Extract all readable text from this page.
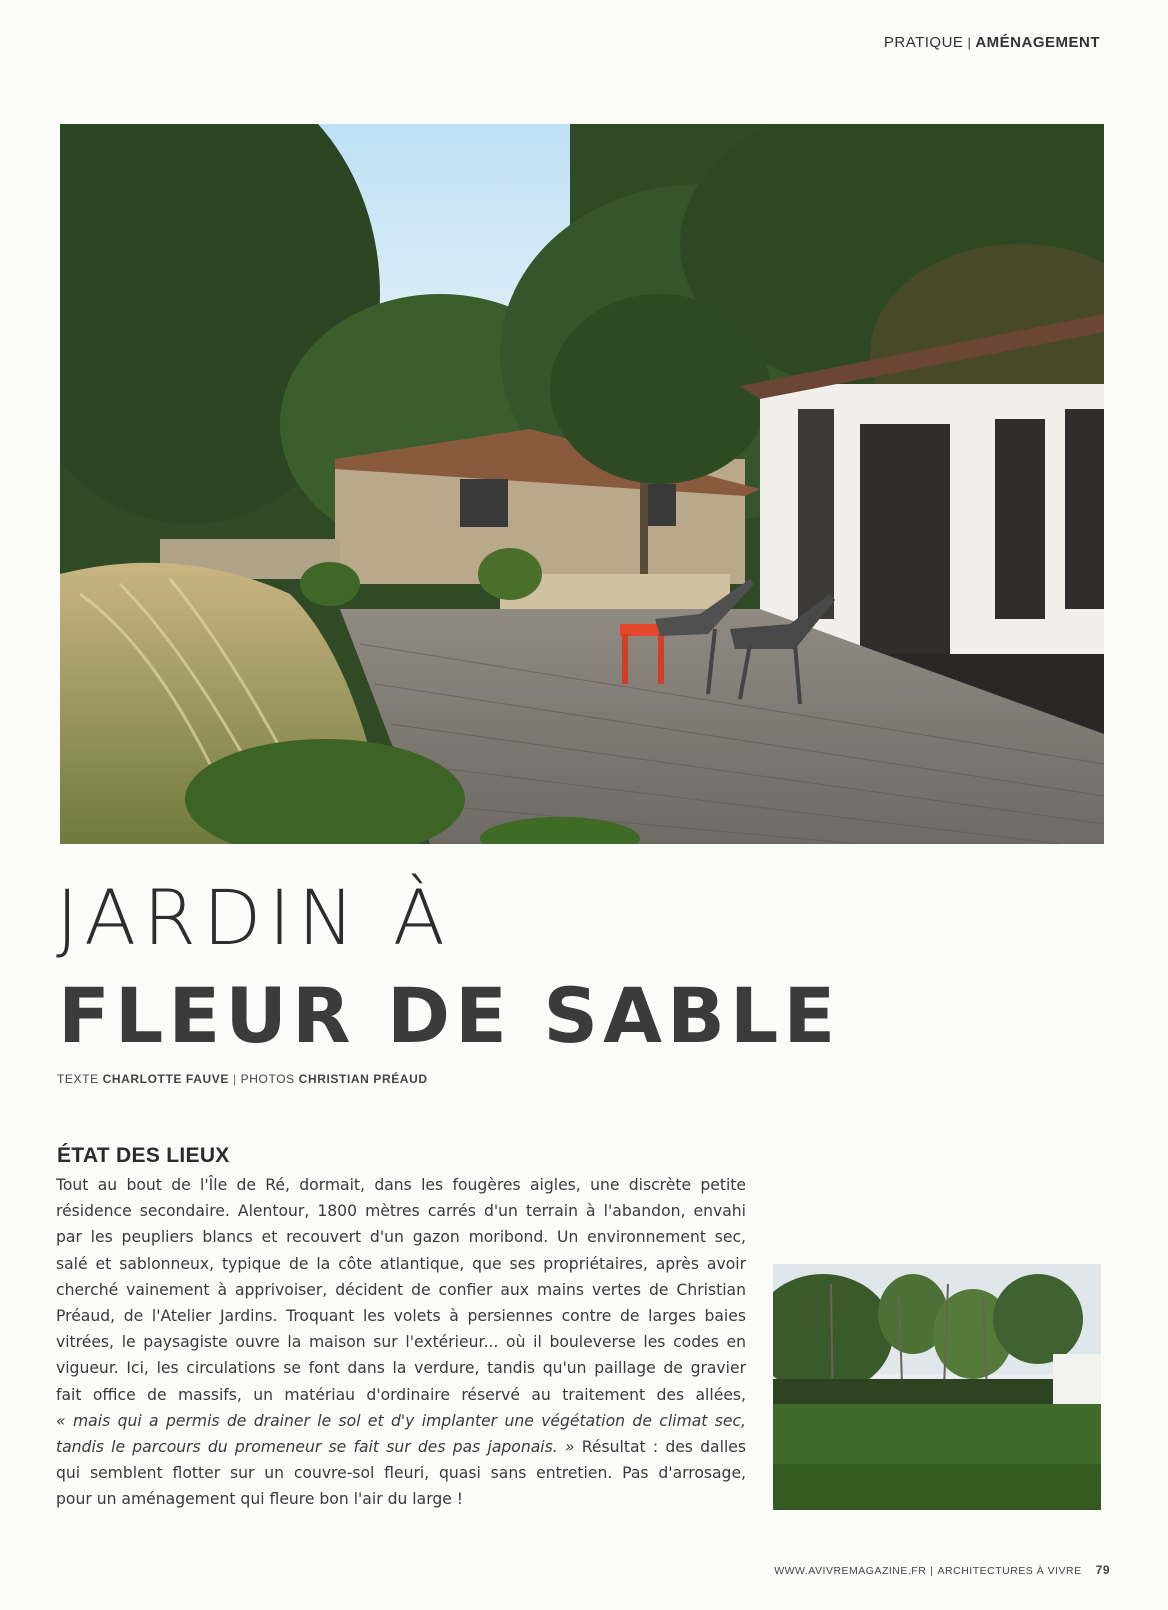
PRATIQUE | AMÉNAGEMENT
JARDIN À
FLEUR DE SABLE
TEXTE CHARLOTTE FAUVE | PHOTOS CHRISTIAN PRÉAUD
ÉTAT DES LIEUX
Tout au bout de l'Île de Ré, dormait, dans les fougères aigles, une discrète petite
résidence secondaire. Alentour, 1800 mètres carrés d'un terrain à l'abandon, envahi
par les peupliers blancs et recouvert d'un gazon moribond. Un environnement sec,
salé et sablonneux, typique de la côte atlantique, que ses propriétaires, après avoir
cherché vainement à apprivoiser, décident de confier aux mains vertes de Christian
Préaud, de l'Atelier Jardins. Troquant les volets à persiennes contre de larges baies
vitrées, le paysagiste ouvre la maison sur l'extérieur... où il bouleverse les codes en
vigueur. Ici, les circulations se font dans la verdure, tandis qu'un paillage de gravier
fait office de massifs, un matériau d'ordinaire réservé au traitement des allées,
« mais qui a permis de drainer le sol et d'y implanter une végétation de climat sec,
tandis le parcours du promeneur se fait sur des pas japonais. » Résultat : des dalles
qui semblent flotter sur un couvre-sol fleuri, quasi sans entretien. Pas d'arrosage,
pour un aménagement qui fleure bon l'air du large !
WWW.AVIVREMAGAZINE.FR | ARCHITECTURES À VIVRE 79
